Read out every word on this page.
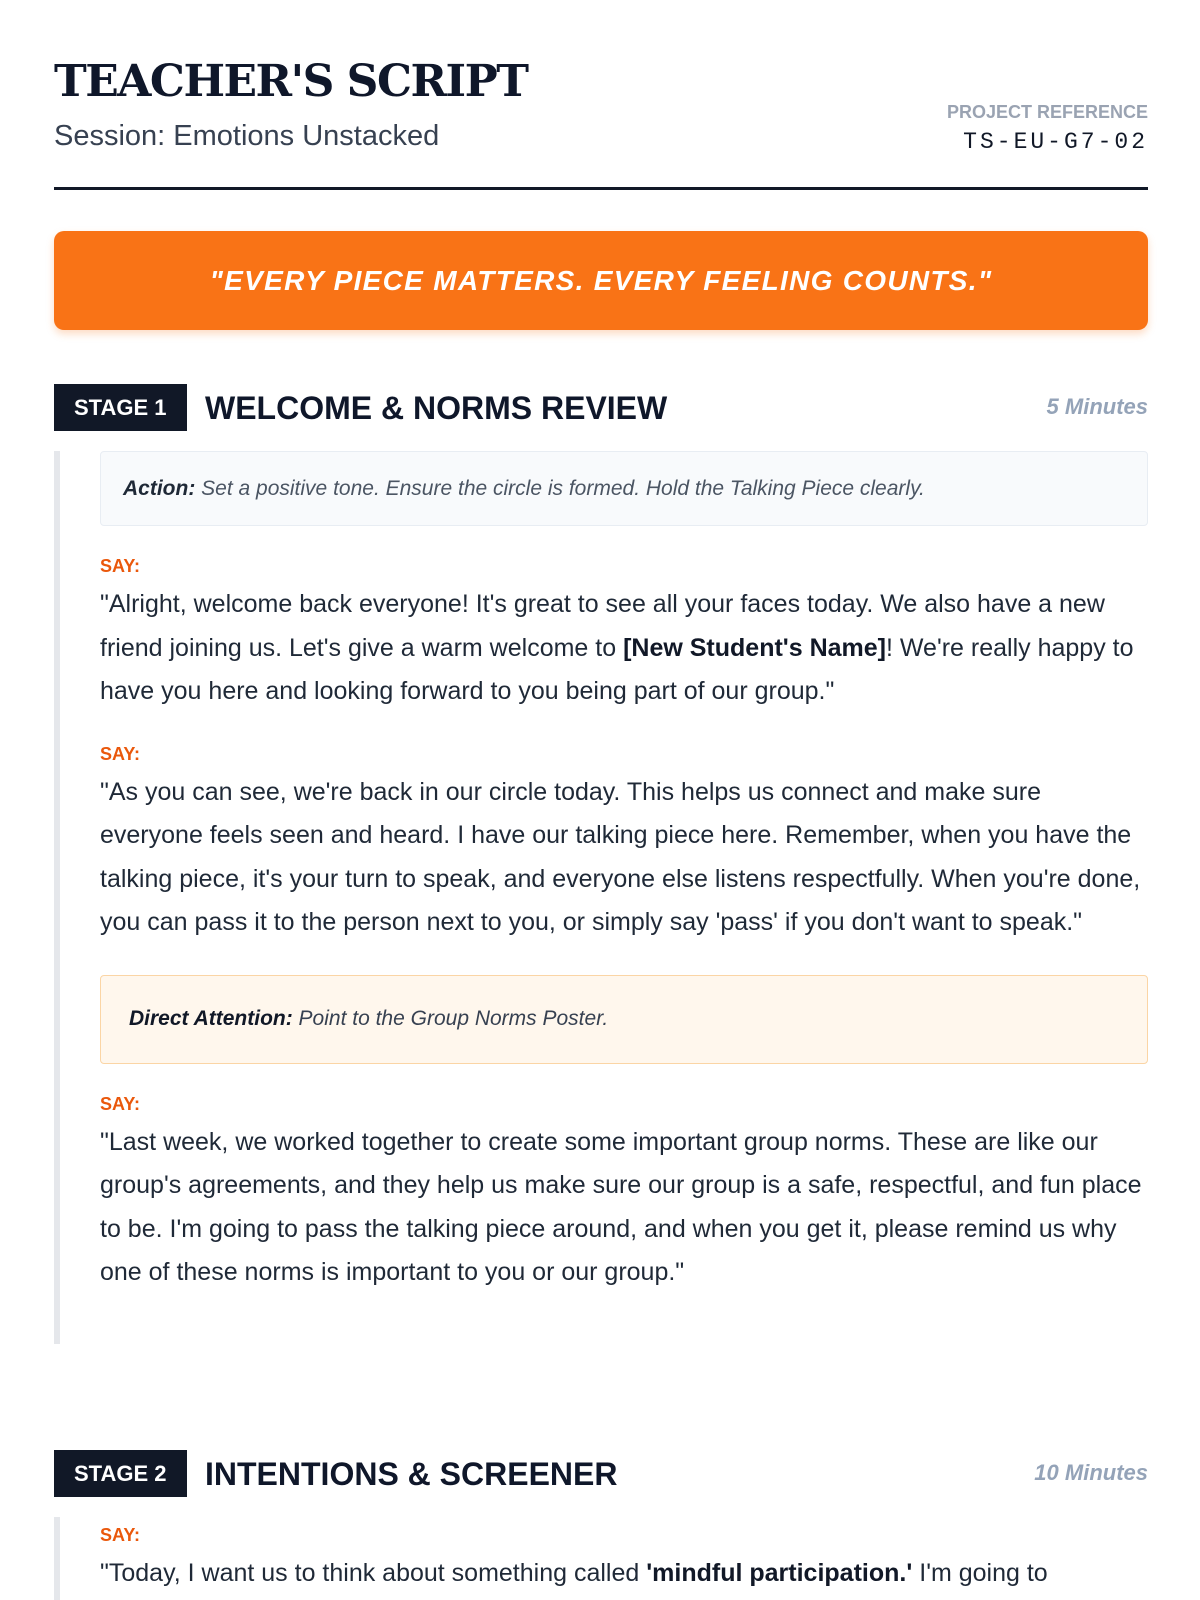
TEACHER'S SCRIPT
Session: Emotions Unstacked
PROJECT REFERENCE
TS-EU-G7-02
"EVERY PIECE MATTERS. EVERY FEELING COUNTS."
STAGE 1	WELCOME & NORMS REVIEW	5 Minutes
Action: Set a positive tone. Ensure the circle is formed. Hold the Talking Piece clearly.

SAY:

"Alright, welcome back everyone! It's great to see all your faces today. We also have a new friend joining us. Let's give a warm welcome to [New Student's Name]! We're really happy to have you here and looking forward to you being part of our group."

SAY:

"As you can see, we're back in our circle today. This helps us connect and make sure everyone feels seen and heard. I have our talking piece here. Remember, when you have the talking piece, it's your turn to speak, and everyone else listens respectfully. When you're done, you can pass it to the person next to you, or simply say 'pass' if you don't want to speak."

Direct Attention: Point to the Group Norms Poster.

SAY:

"Last week, we worked together to create some important group norms. These are like our group's agreements, and they help us make sure our group is a safe, respectful, and fun place to be. I'm going to pass the talking piece around, and when you get it, please remind us why one of these norms is important to you or our group."

STAGE 2	INTENTIONS & SCREENER	10 Minutes

SAY:

"Today, I want us to think about something called 'mindful participation.' I'm going to
